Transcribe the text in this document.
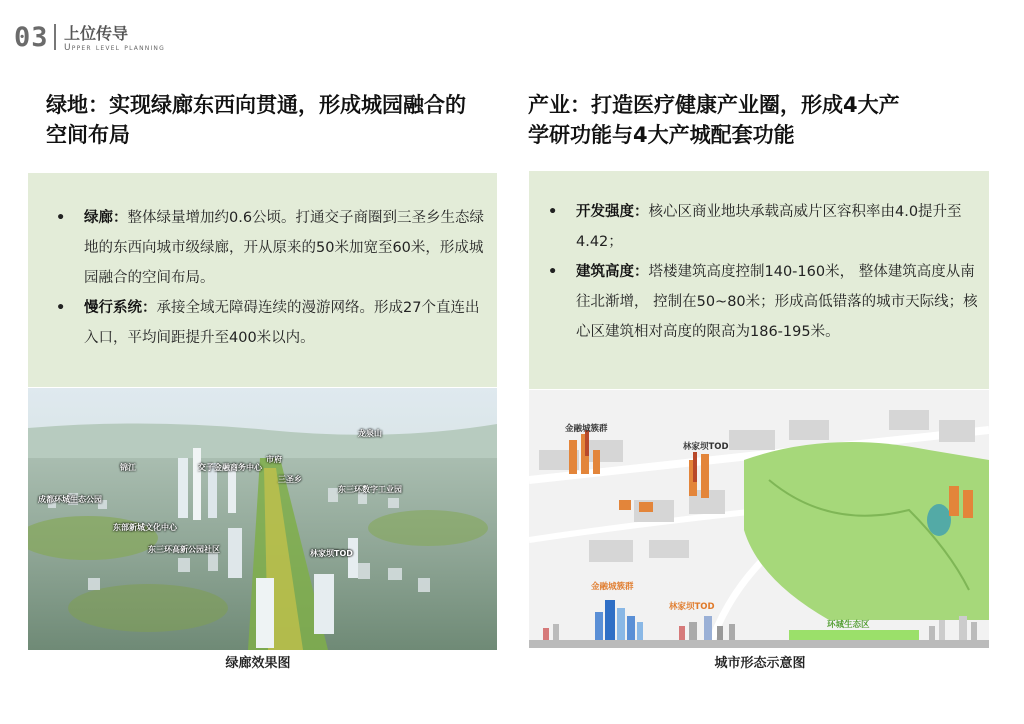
03 上位传导
Upper level planning
绿地：实现绿廊东西向贯通，形成城园融合的
空间布局
产业：打造医疗健康产业圈，形成4大产
学研功能与4大产城配套功能
• 绿廊：整体绿量增加约0.6公顷。打通交子商圈到三圣乡生态绿地的东西向城市级绿廊，开从原来的50米加宽至60米，形成城园融合的空间布局。
• 慢行系统：承接全域无障碍连续的漫游网络。形成27个直连出入口，平均间距提升至400米以内。
• 开发强度：核心区商业地块承载高威片区容积率由4.0提升至4.42；
• 建筑高度：塔楼建筑高度控制140-160米， 整体建筑高度从南往北渐增， 控制在50~80米；形成高低错落的城市天际线；核心区建筑相对高度的限高为186-195米。
龙泉山
交子金融商务中心
市府
锦江
成都环城生态公园
东部新城文化中心
三圣乡
东三环数字工业园
东三环高新公园社区	林家坝TOD
金融城簇群
林家坝TOD
金融城簇群
林家坝TOD
环城生态区
绿廊效果图	城市形态示意图
